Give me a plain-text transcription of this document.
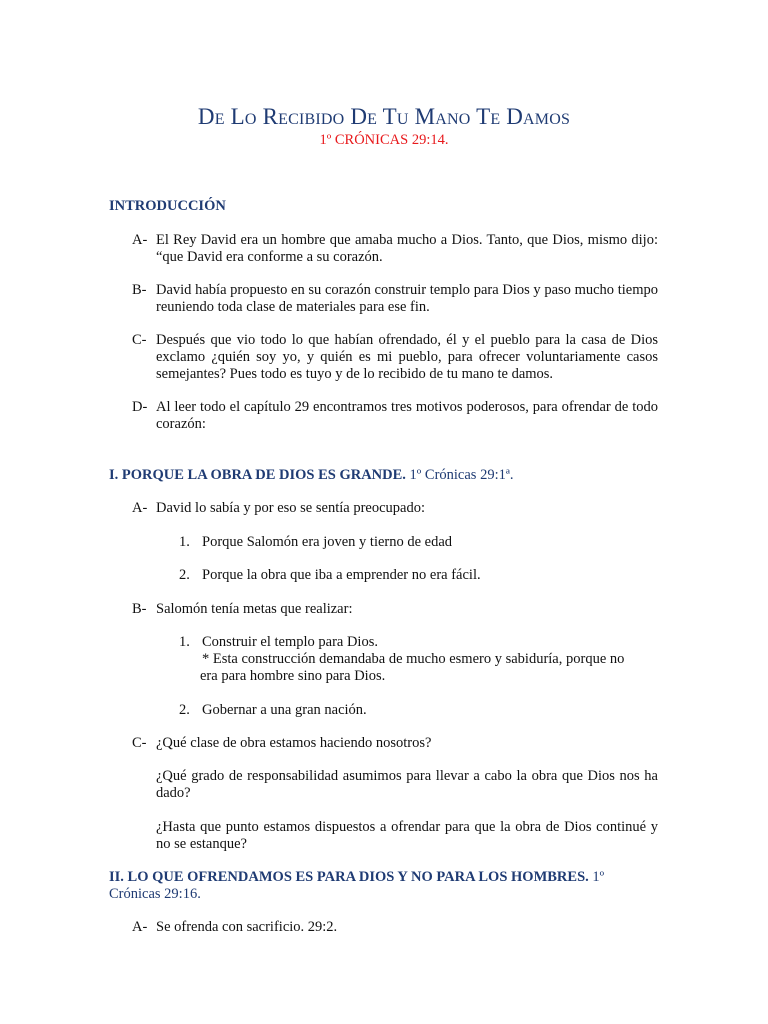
De Lo Recibido De Tu Mano Te Damos
1º CRÓNICAS 29:14.
INTRODUCCIÓN
A- El Rey David era un hombre que amaba mucho a Dios. Tanto, que Dios, mismo dijo: “que David era conforme a su corazón.
B- David había propuesto en su corazón construir templo para Dios y paso mucho tiempo reuniendo toda clase de materiales para ese fin.
C- Después que vio todo lo que habían ofrendado, él y el pueblo para la casa de Dios exclamo ¿quién soy yo, y quién es mi pueblo, para ofrecer voluntariamente casos semejantes? Pues todo es tuyo y de lo recibido de tu mano te damos.
D- Al leer todo el capítulo 29 encontramos tres motivos poderosos, para ofrendar de todo corazón:
I. PORQUE LA OBRA DE DIOS ES GRANDE. 1º Crónicas 29:1ª.
A- David lo sabía y por eso se sentía preocupado:
1. Porque Salomón era joven y tierno de edad
2. Porque la obra que iba a emprender no era fácil.
B- Salomón tenía metas que realizar:
1. Construir el templo para Dios.
* Esta construcción demandaba de mucho esmero y sabiduría, porque no
era para hombre sino para Dios.
2. Gobernar a una gran nación.
C- ¿Qué clase de obra estamos haciendo nosotros?
¿Qué grado de responsabilidad asumimos para llevar a cabo la obra que Dios nos ha dado?
¿Hasta que punto estamos dispuestos a ofrendar para que la obra de Dios continué y no se estanque?
II. LO QUE OFRENDAMOS ES PARA DIOS Y NO PARA LOS HOMBRES. 1º
Crónicas 29:16.
A- Se ofrenda con sacrificio. 29:2.
